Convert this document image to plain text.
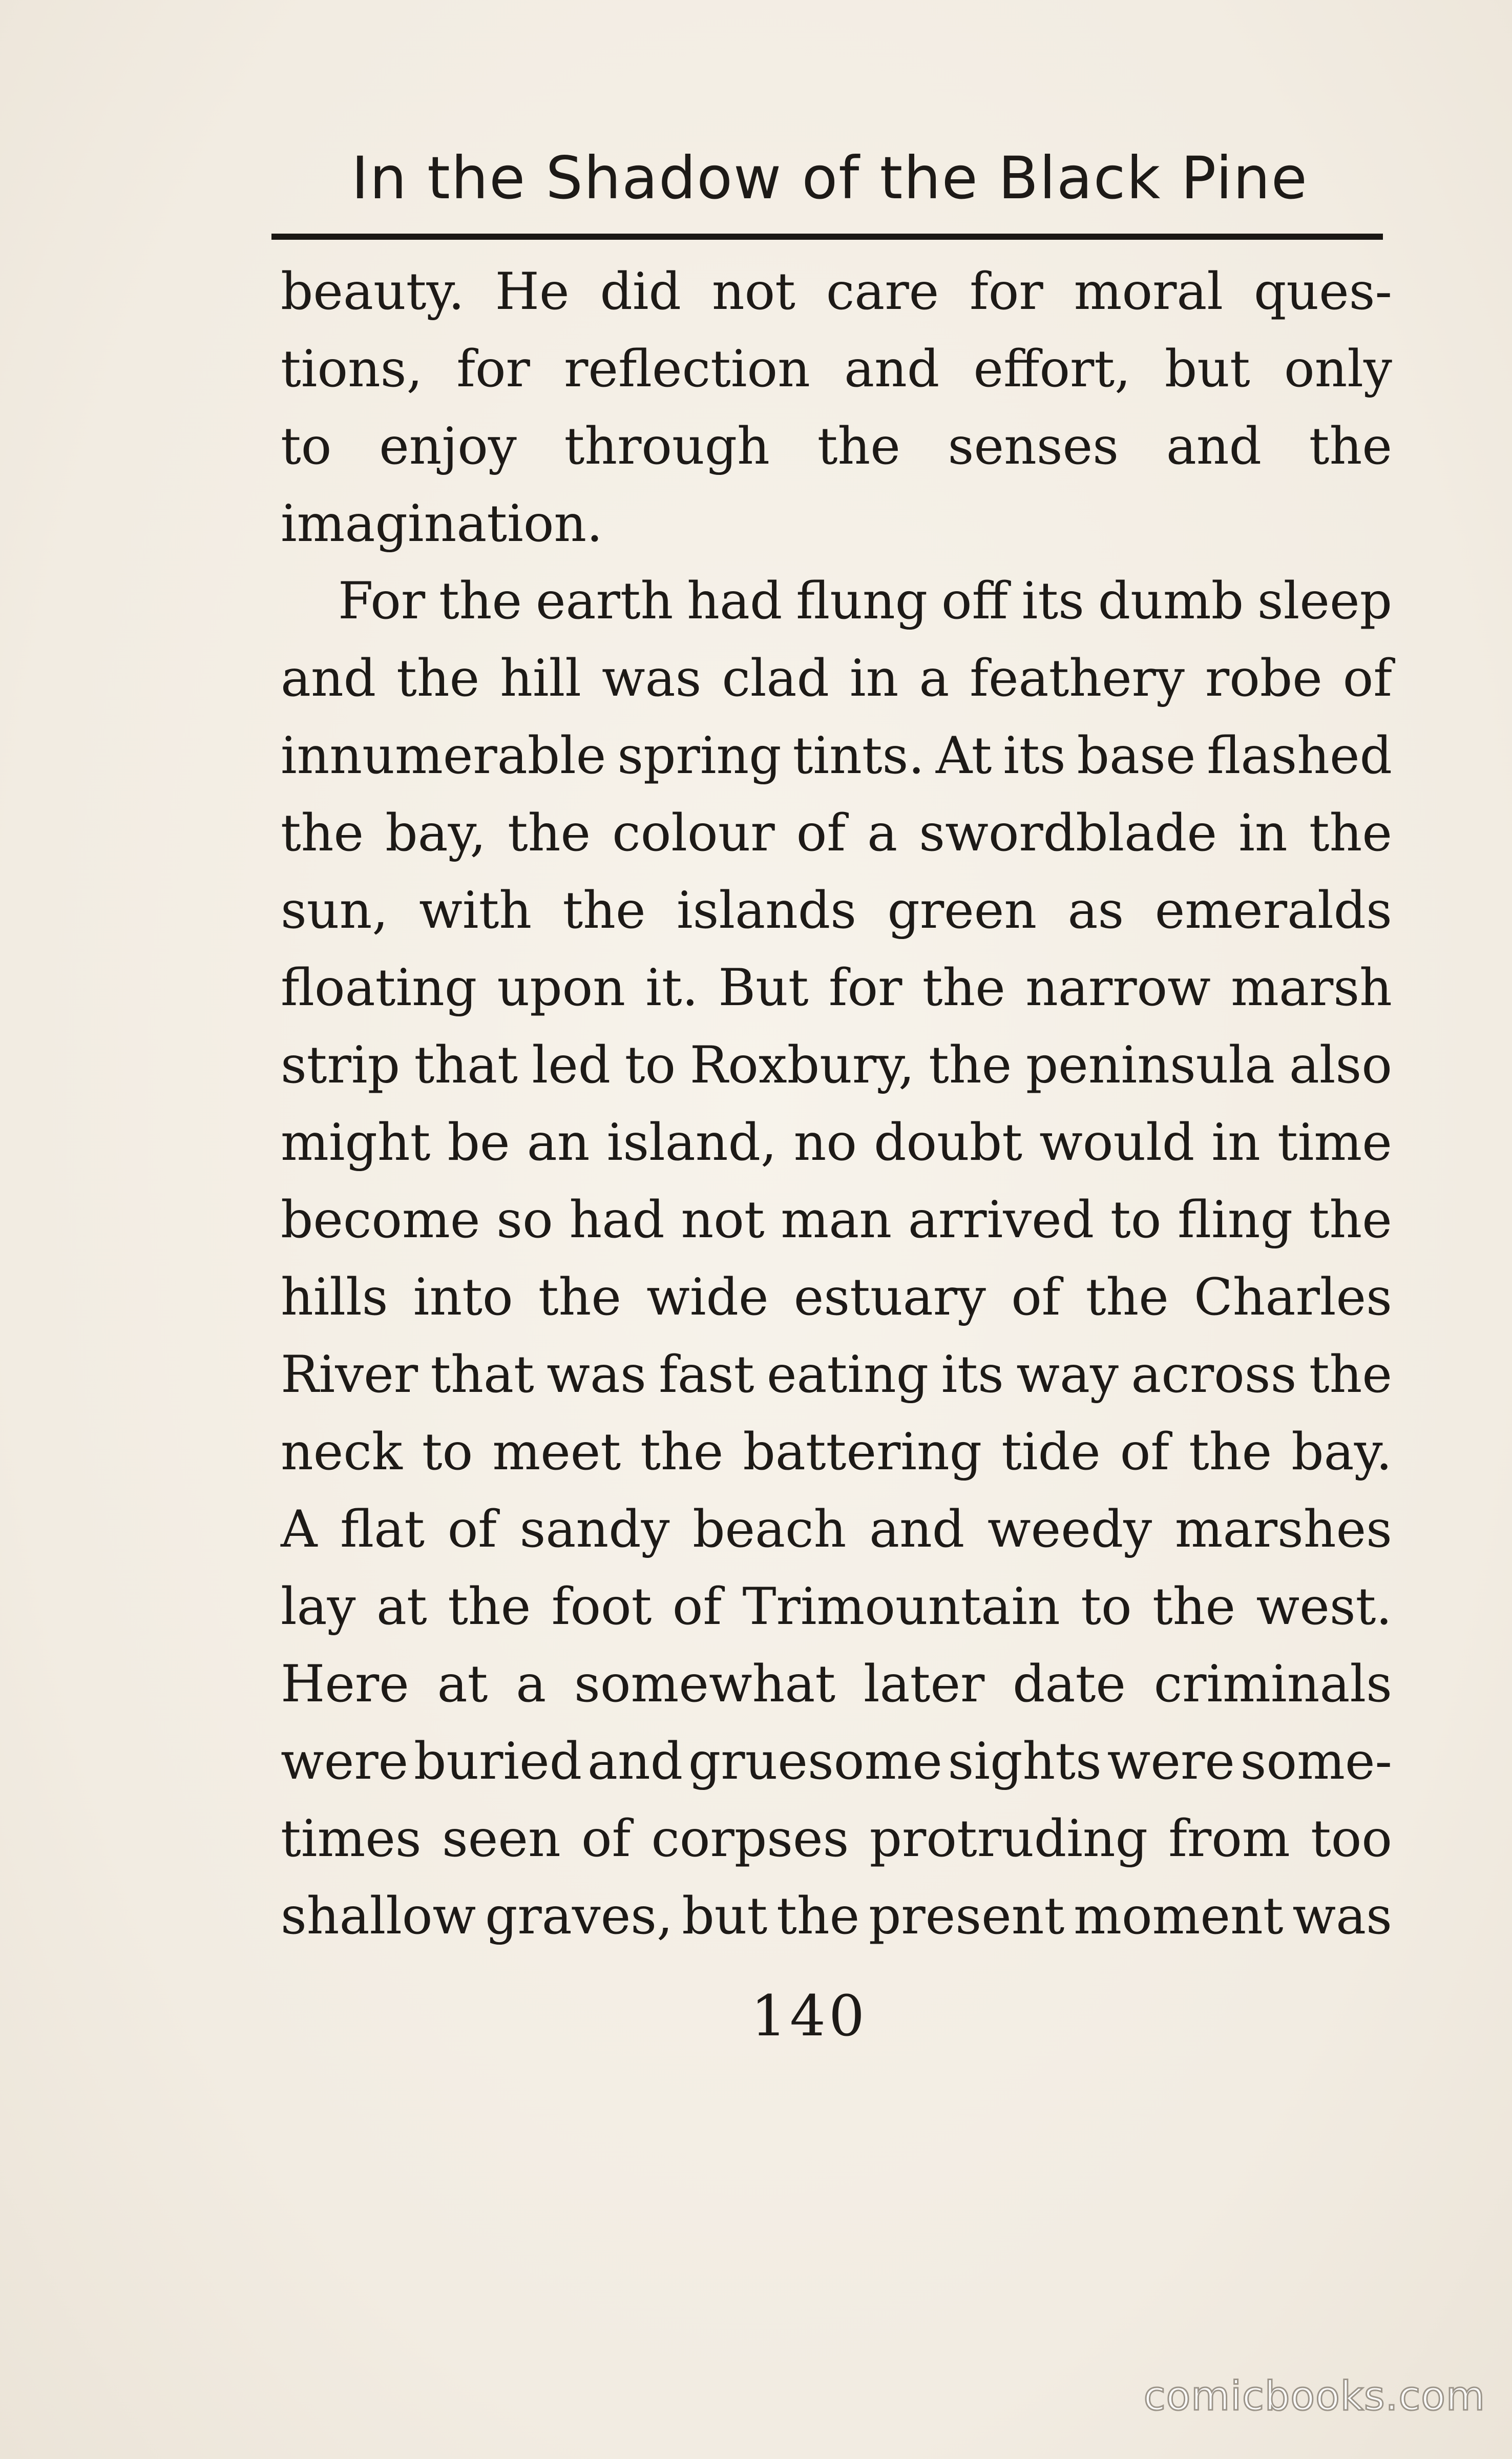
In the Shadow of the Black Pine
beauty. He did not care for moral ques-
tions, for reflection and effort, but only
to enjoy through the senses and the
imagination.
For the earth had flung off its dumb sleep
and the hill was clad in a feathery robe of
innumerable spring tints. At its base flashed
the bay, the colour of a swordblade in the
sun, with the islands green as emeralds
floating upon it. But for the narrow marsh
strip that led to Roxbury, the peninsula also
might be an island, no doubt would in time
become so had not man arrived to fling the
hills into the wide estuary of the Charles
River that was fast eating its way across the
neck to meet the battering tide of the bay.
A flat of sandy beach and weedy marshes
lay at the foot of Trimountain to the west.
Here at a somewhat later date criminals
were buried and gruesome sights were some-
times seen of corpses protruding from too
shallow graves, but the present moment was
140
comicbooks.com
